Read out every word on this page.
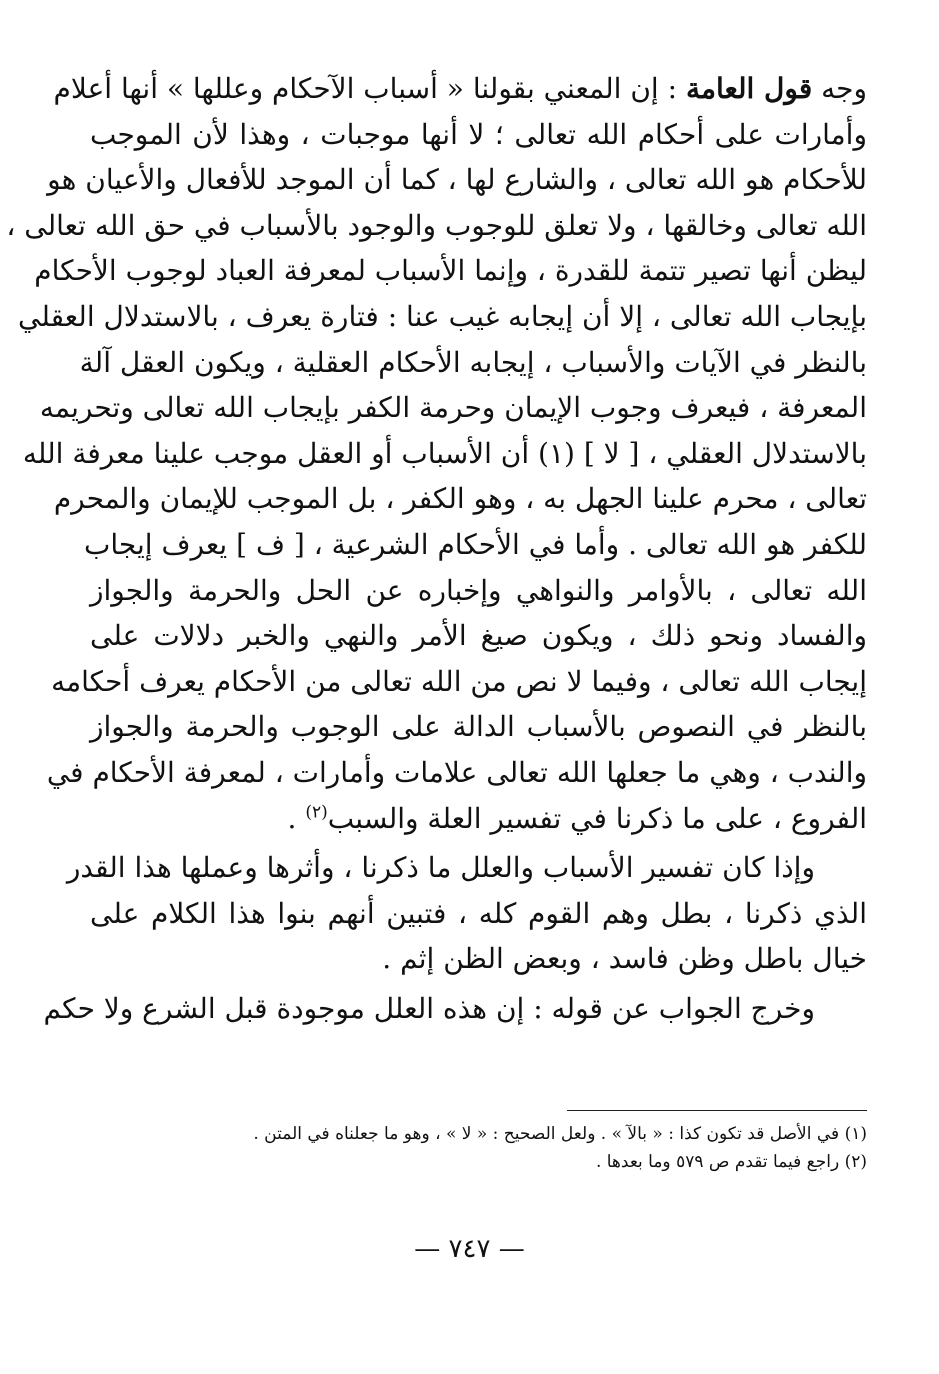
وجه قول العامة : إن المعني بقولنا « أسباب الآحكام وعللها » أنها أعلام
وأمارات على أحكام الله تعالى ؛ لا أنها موجبات ، وهذا لأن الموجب
للأحكام هو الله تعالى ، والشارع لها ، كما أن الموجد للأفعال والأعيان هو
الله تعالى وخالقها ، ولا تعلق للوجوب والوجود بالأسباب في حق الله تعالى ،
ليظن أنها تصير تتمة للقدرة ، وإنما الأسباب لمعرفة العباد لوجوب الأحكام
بإيجاب الله تعالى ، إلا أن إيجابه غيب عنا : فتارة يعرف ، بالاستدلال العقلي
بالنظر في الآيات والأسباب ، إيجابه الأحكام العقلية ، ويكون العقل آلة
المعرفة ، فيعرف وجوب الإيمان وحرمة الكفر بإيجاب الله تعالى وتحريمه
بالاستدلال العقلي ، [ لا ] (١) أن الأسباب أو العقل موجب علينا معرفة الله
تعالى ، محرم علينا الجهل به ، وهو الكفر ، بل الموجب للإيمان والمحرم
للكفر هو الله تعالى . وأما في الأحكام الشرعية ، [ ف ] يعرف إيجاب
الله تعالى ، بالأوامر والنواهي وإخباره عن الحل والحرمة والجواز
والفساد ونحو ذلك ، ويكون صيغ الأمر والنهي والخبر دلالات على
إيجاب الله تعالى ، وفيما لا نص من الله تعالى من الأحكام يعرف أحكامه
بالنظر في النصوص بالأسباب الدالة على الوجوب والحرمة والجواز
والندب ، وهي ما جعلها الله تعالى علامات وأمارات ، لمعرفة الأحكام في
الفروع ، على ما ذكرنا في تفسير العلة والسبب$^{(٢)}$ .
وإذا كان تفسير الأسباب والعلل ما ذكرنا ، وأثرها وعملها هذا القدر
الذي ذكرنا ، بطل وهم القوم كله ، فتبين أنهم بنوا هذا الكلام على
خيال باطل وظن فاسد ، وبعض الظن إثم .
وخرج الجواب عن قوله : إن هذه العلل موجودة قبل الشرع ولا حكم
(١) في الأصل قد تكون كذا : « بالآ » . ولعل الصحيح : « لا » ، وهو ما جعلناه في المتن .
(٢) راجع فيما تقدم ص ٥٧٩ وما بعدها .
— ٧٤٧ —
